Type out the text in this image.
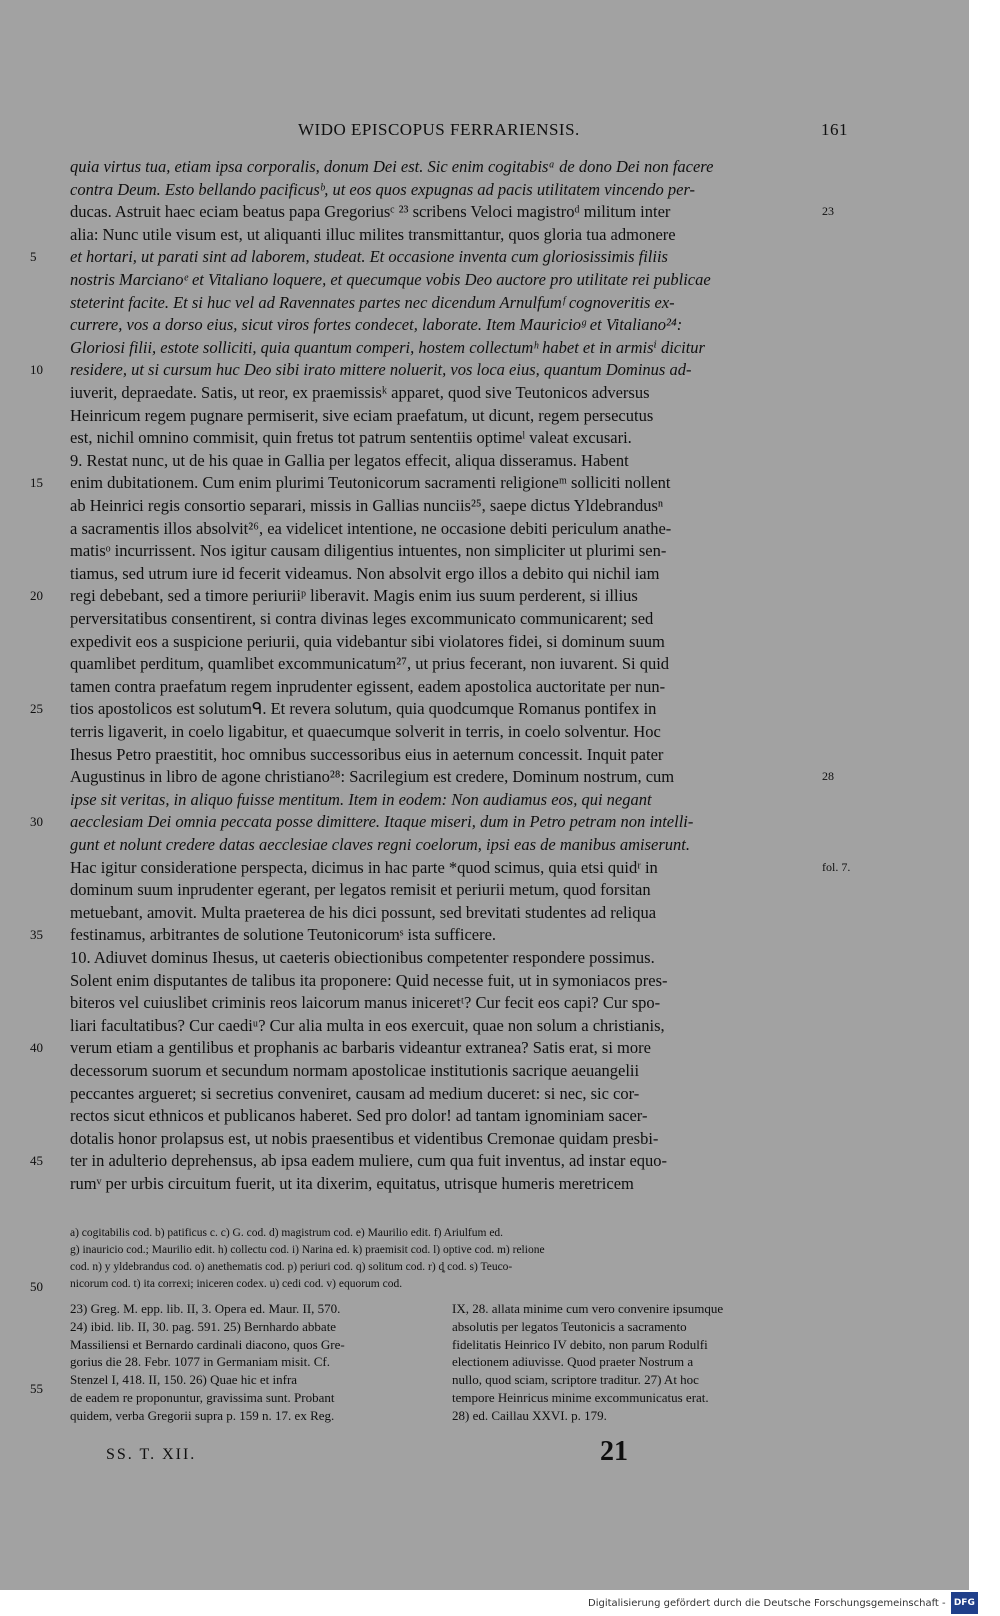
WIDO EPISCOPUS FERRARIENSIS.	161
quia virtus tua, etiam ipsa corporalis, donum Dei est. Sic enim cogitabisᵃ de dono Dei non facere
contra Deum. Esto bellando pacificusᵇ, ut eos quos expugnas ad pacis utilitatem vincendo per-
ducas. Astruit haec eciam beatus papa Gregoriusᶜ ²³ scribens Veloci magistroᵈ militum inter
alia: Nunc utile visum est, ut aliquanti illuc milites transmittantur, quos gloria tua admonere
et hortari, ut parati sint ad laborem, studeat. Et occasione inventa cum gloriosissimis filiis
nostris Marcianoᵉ et Vitaliano loquere, et quecumque vobis Deo auctore pro utilitate rei publicae
steterint facite. Et si huc vel ad Ravennates partes nec dicendum Arnulfumᶠ cognoveritis ex-
currere, vos a dorso eius, sicut viros fortes condecet, laborate. Item Mauricioᵍ et Vitaliano²⁴:
Gloriosi filii, estote solliciti, quia quantum comperi, hostem collectumʰ habet et in armisⁱ dicitur
residere, ut si cursum huc Deo sibi irato mittere noluerit, vos loca eius, quantum Dominus ad-
iuverit, depraedate. Satis, ut reor, ex praemissisᵏ apparet, quod sive Teutonicos adversus
Heinricum regem pugnare permiserit, sive eciam praefatum, ut dicunt, regem persecutus
est, nichil omnino commisit, quin fretus tot patrum sententiis optimeˡ valeat excusari.
9. Restat nunc, ut de his quae in Gallia per legatos effecit, aliqua disseramus. Habent
enim dubitationem. Cum enim plurimi Teutonicorum sacramenti religioneᵐ solliciti nollent
ab Heinrici regis consortio separari, missis in Gallias nunciis²⁵, saepe dictus Yldebrandusⁿ
a sacramentis illos absolvit²⁶, ea videlicet intentione, ne occasione debiti periculum anathe-
matisᵒ incurrissent. Nos igitur causam diligentius intuentes, non simpliciter ut plurimi sen-
tiamus, sed utrum iure id fecerit videamus. Non absolvit ergo illos a debito qui nichil iam
regi debebant, sed a timore periuriiᵖ liberavit. Magis enim ius suum perderent, si illius
perversitatibus consentirent, si contra divinas leges excommunicato communicarent; sed
expedivit eos a suspicione periurii, quia videbantur sibi violatores fidei, si dominum suum
quamlibet perditum, quamlibet excommunicatum²⁷, ut prius fecerant, non iuvarent. Si quid
tamen contra praefatum regem inprudenter egissent, eadem apostolica auctoritate per nun-
tios apostolicos est solutumᑫ. Et revera solutum, quia quodcumque Romanus pontifex in
terris ligaverit, in coelo ligabitur, et quaecumque solverit in terris, in coelo solventur. Hoc
Ihesus Petro praestitit, hoc omnibus successoribus eius in aeternum concessit. Inquit pater
Augustinus in libro de agone christiano²⁸: Sacrilegium est credere, Dominum nostrum, cum
ipse sit veritas, in aliquo fuisse mentitum. Item in eodem: Non audiamus eos, qui negant
aecclesiam Dei omnia peccata posse dimittere. Itaque miseri, dum in Petro petram non intelli-
gunt et nolunt credere datas aecclesiae claves regni coelorum, ipsi eas de manibus amiserunt.
Hac igitur consideratione perspecta, dicimus in hac parte *quod scimus, quia etsi quidʳ in
dominum suum inprudenter egerant, per legatos remisit et periurii metum, quod forsitan
metuebant, amovit. Multa praeterea de his dici possunt, sed brevitati studentes ad reliqua
festinamus, arbitrantes de solutione Teutonicorumˢ ista sufficere.
10. Adiuvet dominus Ihesus, ut caeteris obiectionibus competenter respondere possimus.
Solent enim disputantes de talibus ita proponere: Quid necesse fuit, ut in symoniacos pres-
biteros vel cuiuslibet criminis reos laicorum manus iniceretᵗ? Cur fecit eos capi? Cur spo-
liari facultatibus? Cur caediᵘ? Cur alia multa in eos exercuit, quae non solum a christianis,
verum etiam a gentilibus et prophanis ac barbaris videantur extranea? Satis erat, si more
decessorum suorum et secundum normam apostolicae institutionis sacrique aeuangelii
peccantes argueret; si secretius conveniret, causam ad medium duceret: si nec, sic cor-
rectos sicut ethnicos et publicanos haberet. Sed pro dolor! ad tantam ignominiam sacer-
dotalis honor prolapsus est, ut nobis praesentibus et videntibus Cremonae quidam presbi-
ter in adulterio deprehensus, ab ipsa eadem muliere, cum qua fuit inventus, ad instar equo-
rumᵛ per urbis circuitum fuerit, ut ita dixerim, equitatus, utrisque humeris meretricem
5
10
15
20
25
30
35
40
45
23
28
fol. 7.
50
55
a) cogitabilis cod. b) patificus c. c) G. cod. d) magistrum cod. e) Maurilio edit. f) Ariulfum ed.
g) inauricio cod.; Maurilio edit. h) collectu cod. i) Narina ed. k) praemisit cod. l) optive cod. m) relione
cod. n) y yldebrandus cod. o) anethematis cod. p) periuri cod. q) solitum cod. r) ȡ cod. s) Teuco-
nicorum cod. t) ita correxi; iniceren codex. u) cedi cod. v) equorum cod.
23) Greg. M. epp. lib. II, 3. Opera ed. Maur. II, 570.
24) ibid. lib. II, 30. pag. 591. 25) Bernhardo abbate
Massiliensi et Bernardo cardinali diacono, quos Gre-
gorius die 28. Febr. 1077 in Germaniam misit. Cf.
Stenzel I, 418. II, 150. 26) Quae hic et infra
de eadem re proponuntur, gravissima sunt. Probant
quidem, verba Gregorii supra p. 159 n. 17. ex Reg.
IX, 28. allata minime cum vero convenire ipsumque
absolutis per legatos Teutonicis a sacramento
fidelitatis Heinrico IV debito, non parum Rodulfi
electionem adiuvisse. Quod praeter Nostrum a
nullo, quod sciam, scriptore traditur. 27) At hoc
tempore Heinricus minime excommunicatus erat.
28) ed. Caillau XXVI. p. 179.
SS. T. XII.	21
Digitalisierung gefördert durch die Deutsche Forschungsgemeinschaft - DFG
